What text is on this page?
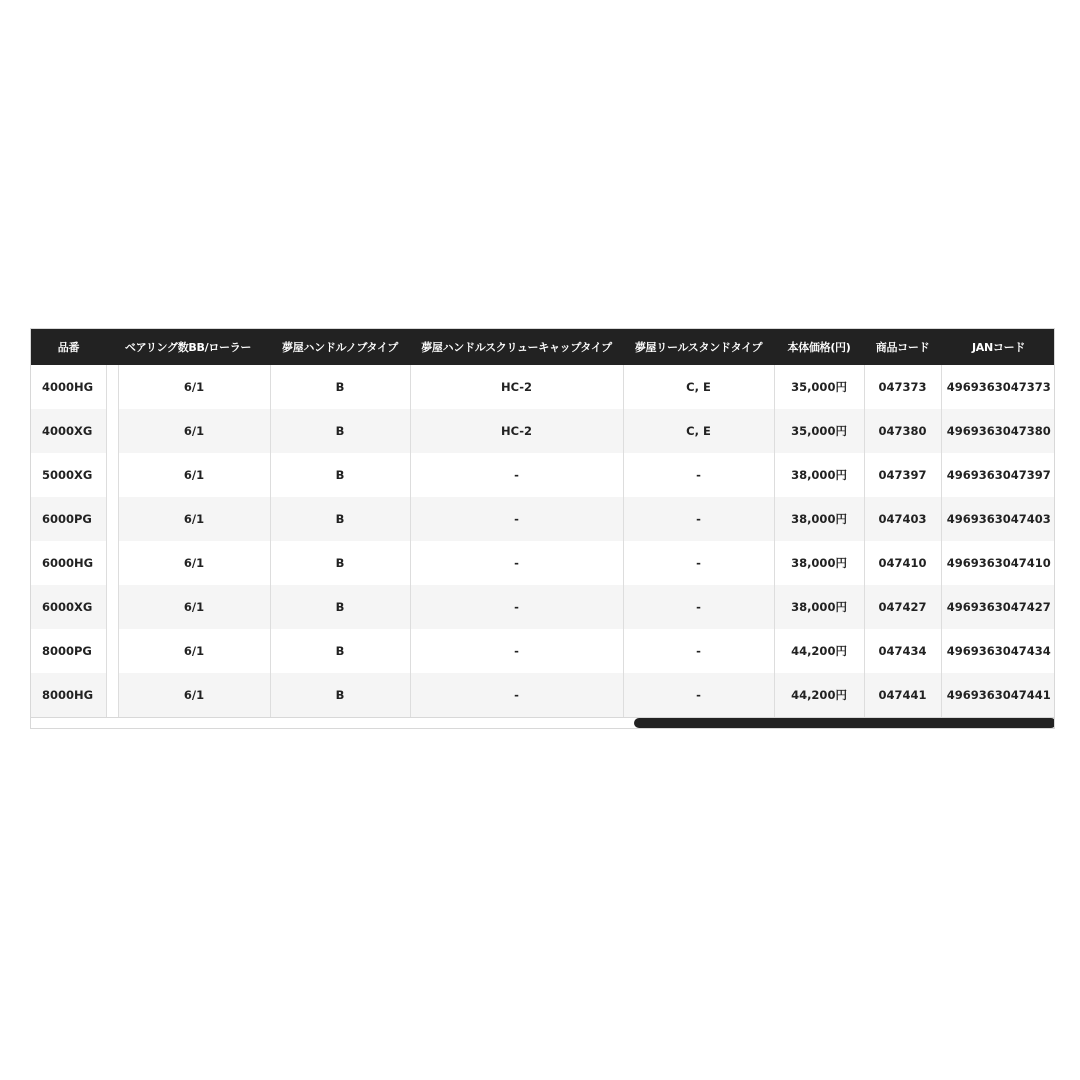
品番	ベアリング数BB/ローラー		夢屋ハンドルノブタイプ	夢屋ハンドルスクリューキャップタイプ	夢屋リールスタンドタイプ	本体価格(円)	商品コード	JANコード
4000HG		6/1	B	HC-2	C, E	35,000円	047373	4969363047373
4000XG		6/1	B	HC-2	C, E	35,000円	047380	4969363047380
5000XG		6/1	B	-	-	38,000円	047397	4969363047397
6000PG		6/1	B	-	-	38,000円	047403	4969363047403
6000HG		6/1	B	-	-	38,000円	047410	4969363047410
6000XG		6/1	B	-	-	38,000円	047427	4969363047427
8000PG		6/1	B	-	-	44,200円	047434	4969363047434
8000HG		6/1	B	-	-	44,200円	047441	4969363047441
